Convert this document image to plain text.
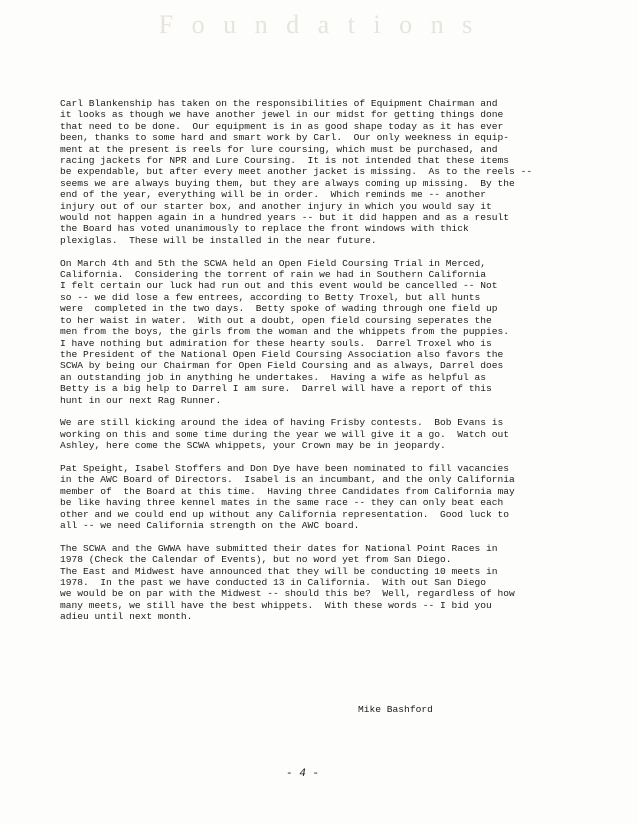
F o u n d a t i o n s
Carl Blankenship has taken on the responsibilities of Equipment Chairman and
it looks as though we have another jewel in our midst for getting things done
that need to be done.  Our equipment is in as good shape today as it has ever
been, thanks to some hard and smart work by Carl.  Our only weekness in equip-
ment at the present is reels for lure coursing, which must be purchased, and
racing jackets for NPR and Lure Coursing.  It is not intended that these items
be expendable, but after every meet another jacket is missing.  As to the reels --
seems we are always buying them, but they are always coming up missing.  By the
end of the year, everything will be in order.  Which reminds me -- another
injury out of our starter box, and another injury in which you would say it
would not happen again in a hundred years -- but it did happen and as a result
the Board has voted unanimously to replace the front windows with thick
plexiglas.  These will be installed in the near future.
On March 4th and 5th the SCWA held an Open Field Coursing Trial in Merced,
California.  Considering the torrent of rain we had in Southern California
I felt certain our luck had run out and this event would be cancelled -- Not
so -- we did lose a few entrees, according to Betty Troxel, but all hunts
were  completed in the two days.  Betty spoke of wading through one field up
to her waist in water.  With out a doubt, open field coursing seperates the
men from the boys, the girls from the woman and the whippets from the puppies.
I have nothing but admiration for these hearty souls.  Darrel Troxel who is
the President of the National Open Field Coursing Association also favors the
SCWA by being our Chairman for Open Field Coursing and as always, Darrel does
an outstanding job in anything he undertakes.  Having a wife as helpful as
Betty is a big help to Darrel I am sure.  Darrel will have a report of this
hunt in our next Rag Runner.
We are still kicking around the idea of having Frisby contests.  Bob Evans is
working on this and some time during the year we will give it a go.  Watch out
Ashley, here come the SCWA whippets, your Crown may be in jeopardy.
Pat Speight, Isabel Stoffers and Don Dye have been nominated to fill vacancies
in the AWC Board of Directors.  Isabel is an incumbant, and the only California
member of  the Board at this time.  Having three Candidates from California may
be like having three kennel mates in the same race -- they can only beat each
other and we could end up without any California representation.  Good luck to
all -- we need California strength on the AWC board.
The SCWA and the GWWA have submitted their dates for National Point Races in
1978 (Check the Calendar of Events), but no word yet from San Diego.
The East and Midwest have announced that they will be conducting 10 meets in
1978.  In the past we have conducted 13 in California.  With out San Diego
we would be on par with the Midwest -- should this be?  Well, regardless of how
many meets, we still have the best whippets.  With these words -- I bid you
adieu until next month.
Mike Bashford
- 4 -
